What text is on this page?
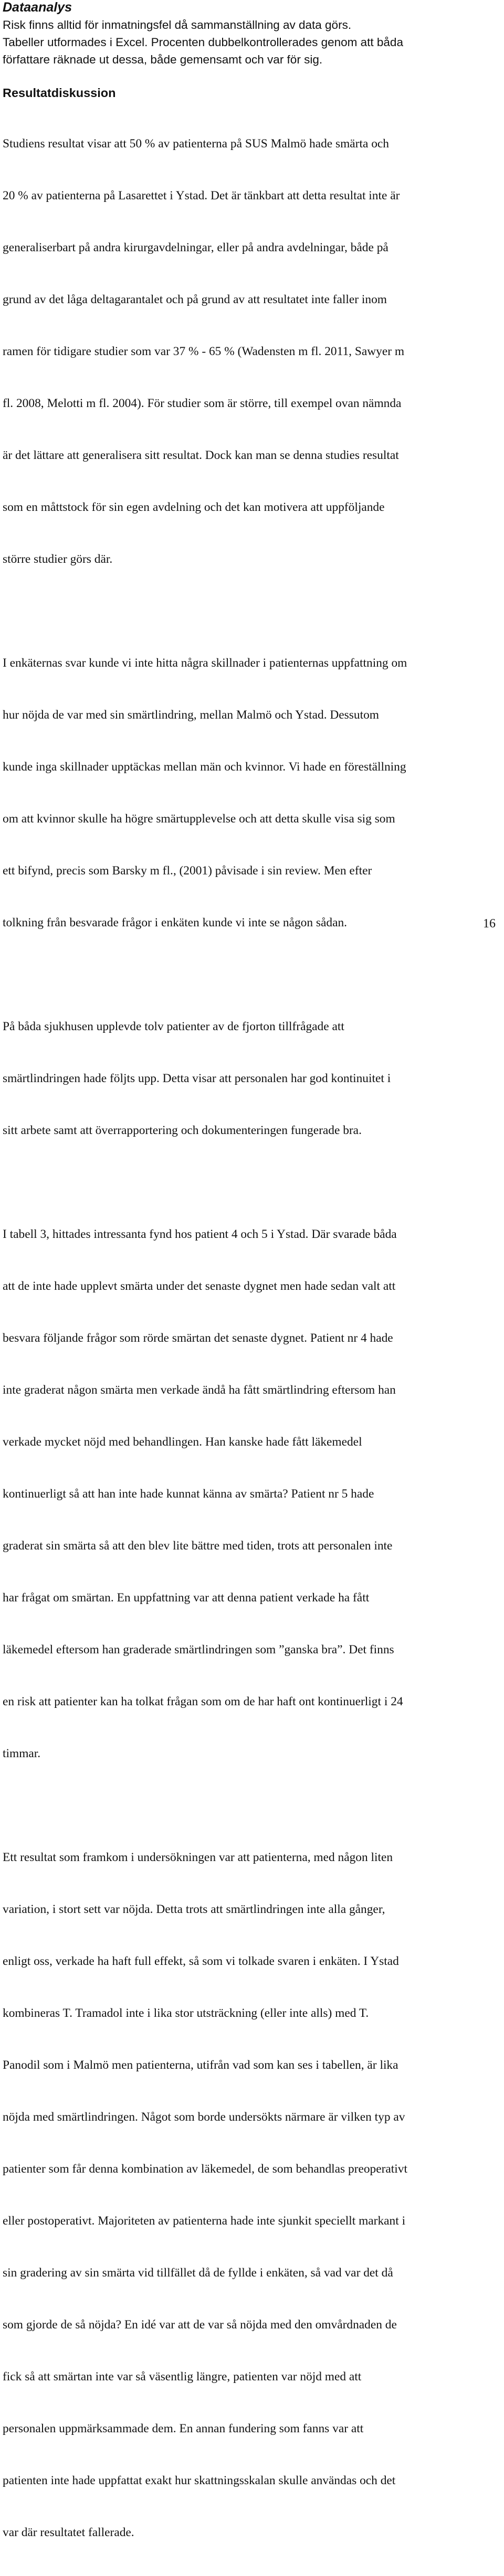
Dataanalys
Risk finns alltid för inmatningsfel då sammanställning av data görs.
Tabeller utformades i Excel. Procenten dubbelkontrollerades genom att båda
författare räknade ut dessa, både gemensamt och var för sig.
Resultatdiskussion

Studiens resultat visar att 50 % av patienterna på SUS Malmö hade smärta och

20 % av patienterna på Lasarettet i Ystad. Det är tänkbart att detta resultat inte är

generaliserbart på andra kirurgavdelningar, eller på andra avdelningar, både på

grund av det låga deltagarantalet och på grund av att resultatet inte faller inom

ramen för tidigare studier som var 37 % - 65 % (Wadensten m fl. 2011, Sawyer m

fl. 2008, Melotti m fl. 2004). För studier som är större, till exempel ovan nämnda

är det lättare att generalisera sitt resultat. Dock kan man se denna studies resultat

som en måttstock för sin egen avdelning och det kan motivera att uppföljande

större studier görs där.

I enkäternas svar kunde vi inte hitta några skillnader i patienternas uppfattning om

hur nöjda de var med sin smärtlindring, mellan Malmö och Ystad. Dessutom

kunde inga skillnader upptäckas mellan män och kvinnor. Vi hade en föreställning

om att kvinnor skulle ha högre smärtupplevelse och att detta skulle visa sig som

ett bifynd, precis som Barsky m fl., (2001) påvisade i sin review. Men efter

tolkning från besvarade frågor i enkäten kunde vi inte se någon sådan.

På båda sjukhusen upplevde tolv patienter av de fjorton tillfrågade att

smärtlindringen hade följts upp. Detta visar att personalen har god kontinuitet i

sitt arbete samt att överrapportering och dokumenteringen fungerade bra.

I tabell 3, hittades intressanta fynd hos patient 4 och 5 i Ystad. Där svarade båda

att de inte hade upplevt smärta under det senaste dygnet men hade sedan valt att

besvara följande frågor som rörde smärtan det senaste dygnet. Patient nr 4 hade

inte graderat någon smärta men verkade ändå ha fått smärtlindring eftersom han

verkade mycket nöjd med behandlingen. Han kanske hade fått läkemedel

kontinuerligt så att han inte hade kunnat känna av smärta? Patient nr 5 hade

graderat sin smärta så att den blev lite bättre med tiden, trots att personalen inte

har frågat om smärtan. En uppfattning var att denna patient verkade ha fått

läkemedel eftersom han graderade smärtlindringen som ”ganska bra”. Det finns

en risk att patienter kan ha tolkat frågan som om de har haft ont kontinuerligt i 24

timmar.

Ett resultat som framkom i undersökningen var att patienterna, med någon liten

variation, i stort sett var nöjda. Detta trots att smärtlindringen inte alla gånger,

enligt oss, verkade ha haft full effekt, så som vi tolkade svaren i enkäten. I Ystad

kombineras T. Tramadol inte i lika stor utsträckning (eller inte alls) med T.

Panodil som i Malmö men patienterna, utifrån vad som kan ses i tabellen, är lika

nöjda med smärtlindringen. Något som borde undersökts närmare är vilken typ av

patienter som får denna kombination av läkemedel, de som behandlas preoperativt

eller postoperativt. Majoriteten av patienterna hade inte sjunkit speciellt markant i

sin gradering av sin smärta vid tillfället då de fyllde i enkäten, så vad var det då

som gjorde de så nöjda? En idé var att de var så nöjda med den omvårdnaden de

fick så att smärtan inte var så väsentlig längre, patienten var nöjd med att

personalen uppmärksammade dem. En annan fundering som fanns var att

patienten inte hade uppfattat exakt hur skattningsskalan skulle användas och det

var där resultatet fallerade.

16
